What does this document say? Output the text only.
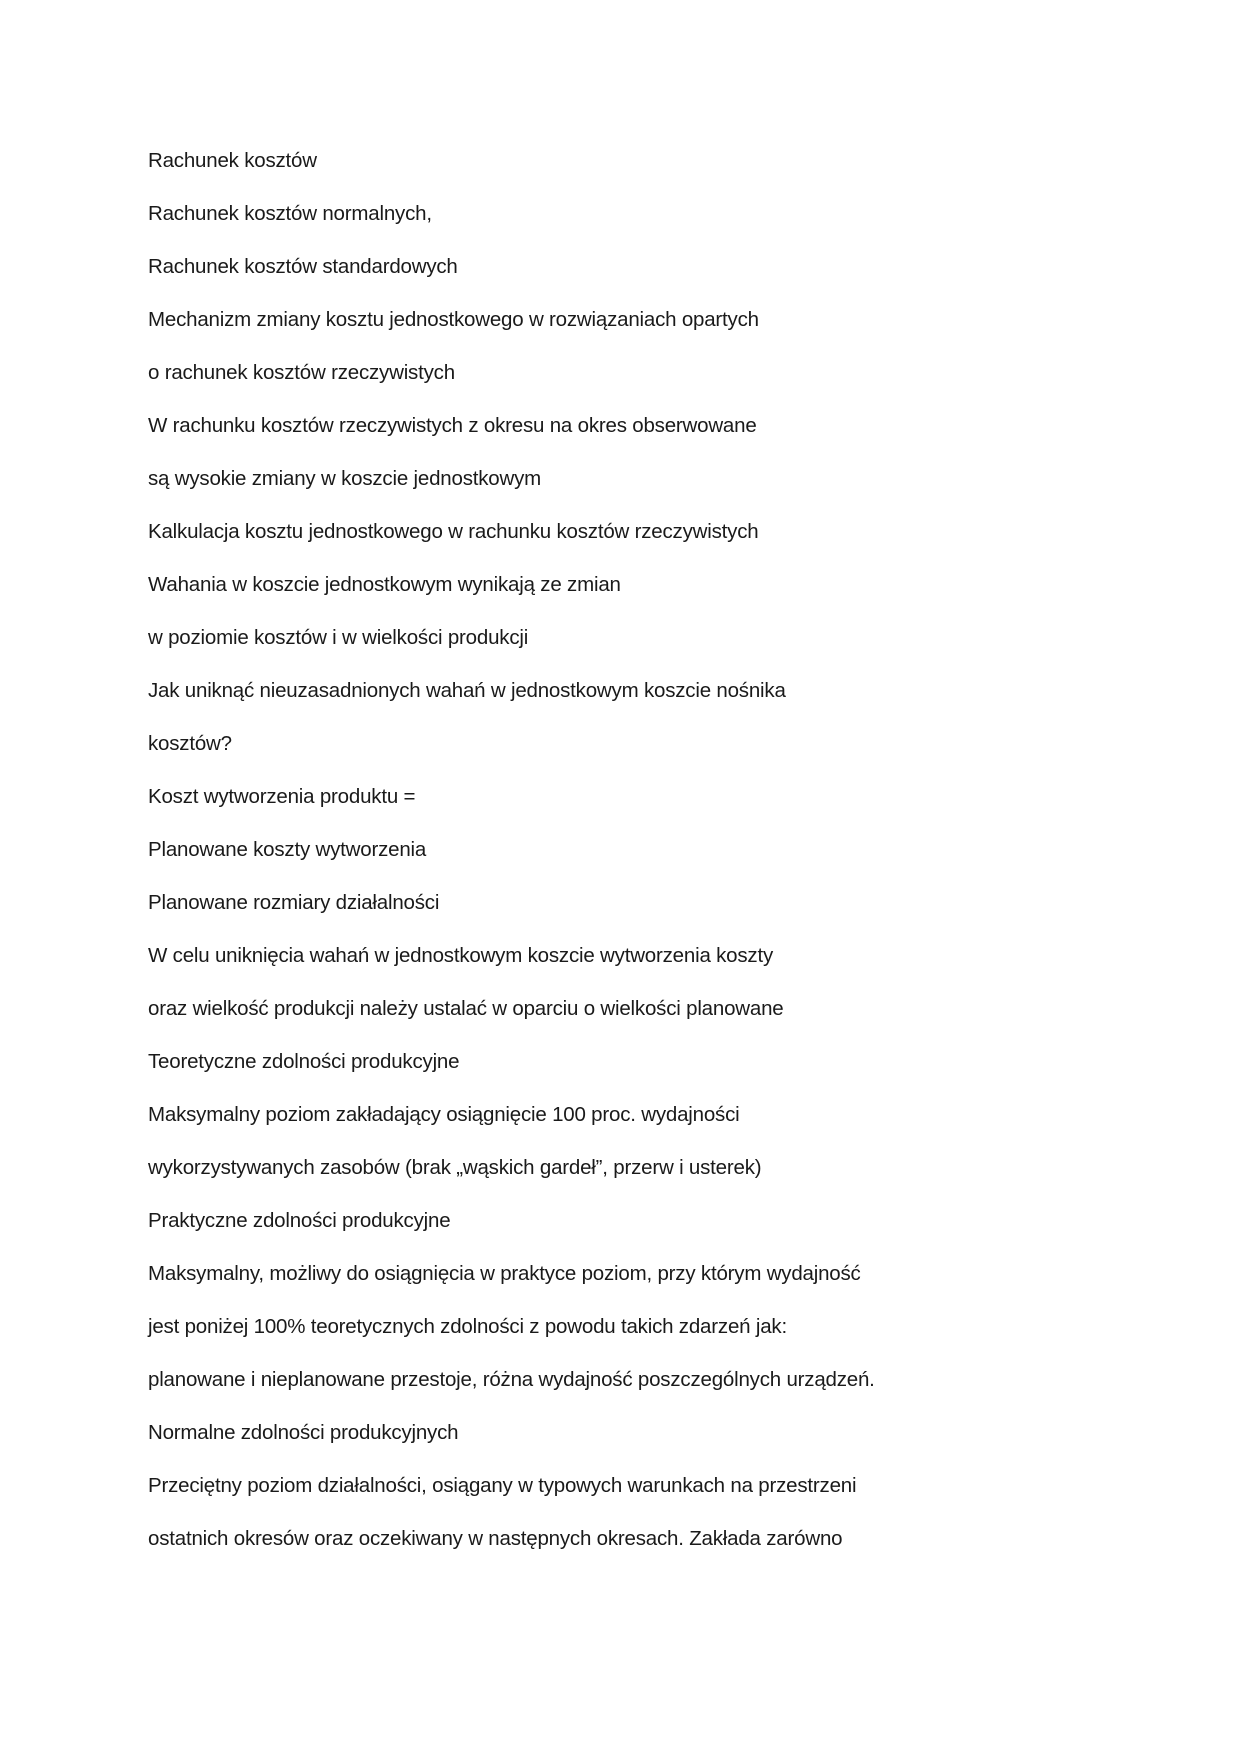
Rachunek kosztów
Rachunek kosztów normalnych,
Rachunek kosztów standardowych
Mechanizm zmiany kosztu jednostkowego w rozwiązaniach opartych
o rachunek kosztów rzeczywistych
W rachunku kosztów rzeczywistych z okresu na okres obserwowane
są wysokie zmiany w koszcie jednostkowym
Kalkulacja kosztu jednostkowego w rachunku kosztów rzeczywistych
Wahania w koszcie jednostkowym wynikają ze zmian
w poziomie kosztów i w wielkości produkcji
Jak uniknąć nieuzasadnionych wahań w jednostkowym koszcie nośnika
kosztów?
Koszt wytworzenia produktu =
Planowane koszty wytworzenia
Planowane rozmiary działalności
W celu uniknięcia wahań w jednostkowym koszcie wytworzenia koszty
oraz wielkość produkcji należy ustalać w oparciu o wielkości planowane
Teoretyczne zdolności produkcyjne
Maksymalny poziom zakładający osiągnięcie 100 proc. wydajności
wykorzystywanych zasobów (brak „wąskich gardeł”, przerw i usterek)
Praktyczne zdolności produkcyjne
Maksymalny, możliwy do osiągnięcia w praktyce poziom, przy którym wydajność
jest poniżej 100% teoretycznych zdolności z powodu takich zdarzeń jak:
planowane i nieplanowane przestoje, różna wydajność poszczególnych urządzeń.
Normalne zdolności produkcyjnych
Przeciętny poziom działalności, osiągany w typowych warunkach na przestrzeni
ostatnich okresów oraz oczekiwany w następnych okresach. Zakłada zarówno
